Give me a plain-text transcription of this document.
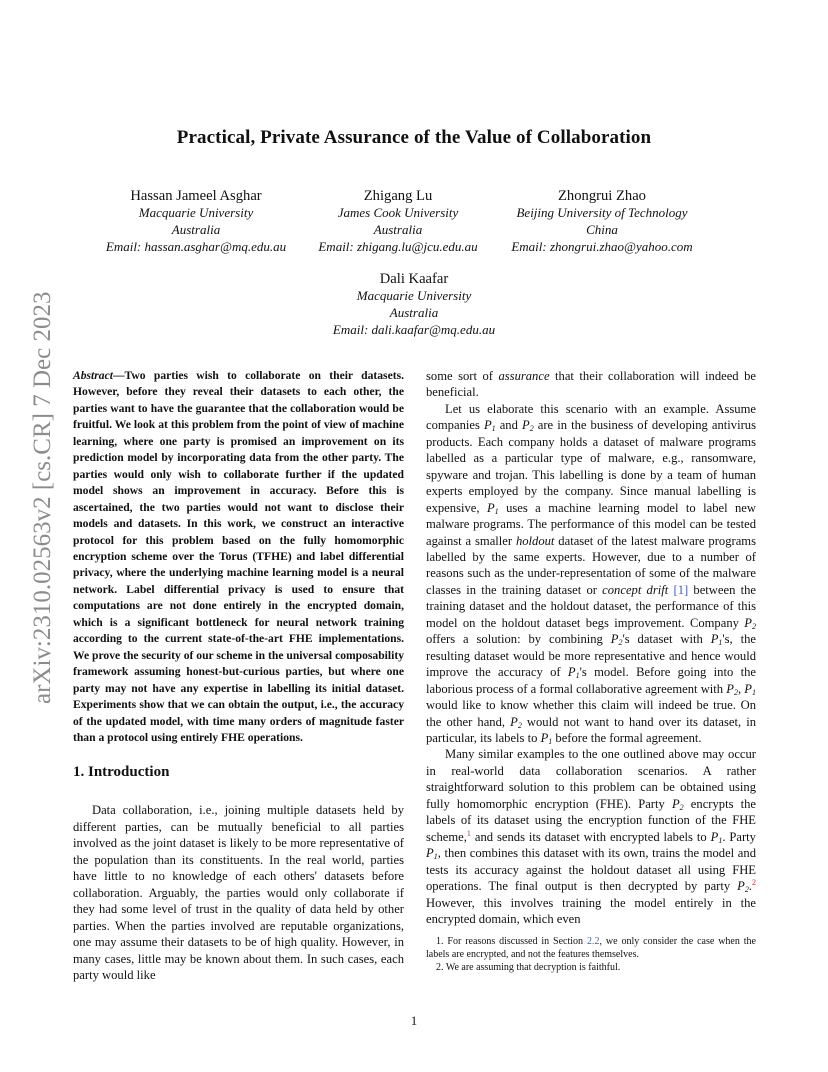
Practical, Private Assurance of the Value of Collaboration
Hassan Jameel Asghar
Macquarie University
Australia
Email: hassan.asghar@mq.edu.au
Zhigang Lu
James Cook University
Australia
Email: zhigang.lu@jcu.edu.au
Zhongrui Zhao
Beijing University of Technology
China
Email: zhongrui.zhao@yahoo.com
Dali Kaafar
Macquarie University
Australia
Email: dali.kaafar@mq.edu.au
arXiv:2310.02563v2 [cs.CR] 7 Dec 2023 Abstract—Two parties wish to collaborate on their datasets. However, before they reveal their datasets to each other, the parties want to have the guarantee that the collaboration would be fruitful. We look at this problem from the point of view of machine learning, where one party is promised an improvement on its prediction model by incorporating data from the other party. The parties would only wish to collaborate further if the updated model shows an improvement in accuracy. Before this is ascertained, the two parties would not want to disclose their models and datasets. In this work, we construct an interactive protocol for this problem based on the fully homomorphic encryption scheme over the Torus (TFHE) and label differential privacy, where the underlying machine learning model is a neural network. Label differential privacy is used to ensure that computations are not done entirely in the encrypted domain, which is a significant bottleneck for neural network training according to the current state-of-the-art FHE implementations. We prove the security of our scheme in the universal composability framework assuming honest-but-curious parties, but where one party may not have any expertise in labelling its initial dataset. Experiments show that we can obtain the output, i.e., the accuracy of the updated model, with time many orders of magnitude faster than a protocol using entirely FHE operations.

1. Introduction

Data collaboration, i.e., joining multiple datasets held by different parties, can be mutually beneficial to all parties involved as the joint dataset is likely to be more representative of the population than its constituents. In the real world, parties have little to no knowledge of each others' datasets before collaboration. Arguably, the parties would only collaborate if they had some level of trust in the quality of data held by other parties. When the parties involved are reputable organizations, one may assume their datasets to be of high quality. However, in many cases, little may be known about them. In such cases, each party would like

some sort of assurance that their collaboration will indeed be beneficial.

Let us elaborate this scenario with an example. Assume companies $P_1$ and $P_2$ are in the business of developing antivirus products. Each company holds a dataset of malware programs labelled as a particular type of malware, e.g., ransomware, spyware and trojan. This labelling is done by a team of human experts employed by the company. Since manual labelling is expensive, $P_1$ uses a machine learning model to label new malware programs. The performance of this model can be tested against a smaller holdout dataset of the latest malware programs labelled by the same experts. However, due to a number of reasons such as the under-representation of some of the malware classes in the training dataset or concept drift [1] between the training dataset and the holdout dataset, the performance of this model on the holdout dataset begs improvement. Company $P_2$ offers a solution: by combining $P_2's$ dataset with $P_1's$, the resulting dataset would be more representative and hence would improve the accuracy of $P_1's$ model. Before going into the laborious process of a formal collaborative agreement with $P_2$, $P_1$ would like to know whether this claim will indeed be true. On the other hand, $P_2$ would not want to hand over its dataset, in particular, its labels to $P_1$ before the formal agreement.

Many similar examples to the one outlined above may occur in real-world data collaboration scenarios. A rather straightforward solution to this problem can be obtained using fully homomorphic encryption (FHE). Party $P_2$ encrypts the labels of its dataset using the encryption function of the FHE scheme,$^1$ and sends its dataset with encrypted labels to $P_1$. Party $P_1$, then combines this dataset with its own, trains the model and tests its accuracy against the holdout dataset all using FHE operations. The final output is then decrypted by party $P_2.^2$ However, this involves training the model entirely in the encrypted domain, which even

1. For reasons discussed in Section 2.2, we only consider the case when the labels are encrypted, and not the features themselves.

2. We are assuming that decryption is faithful.

1
